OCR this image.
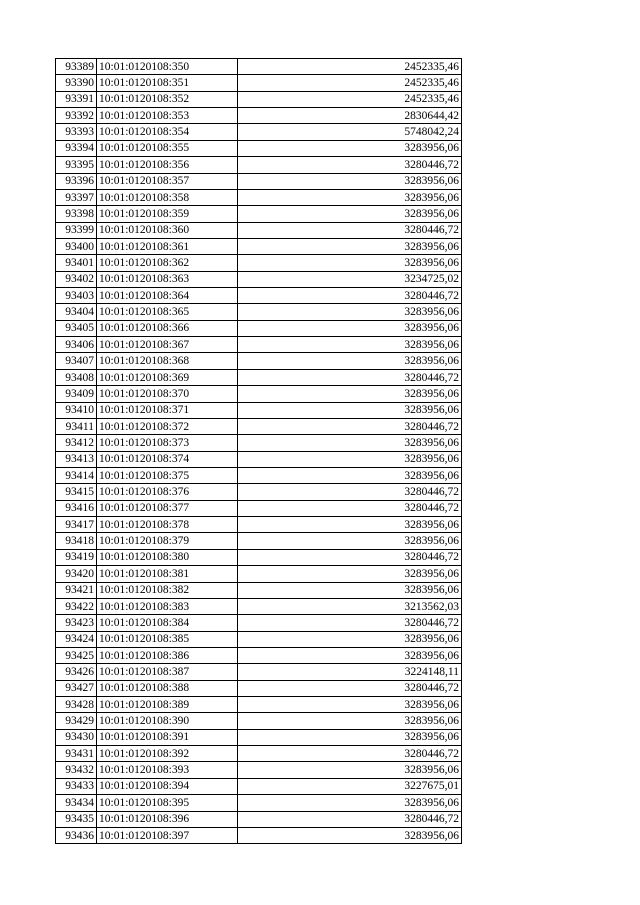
93389	10:01:0120108:350	2452335,46
93390	10:01:0120108:351	2452335,46
93391	10:01:0120108:352	2452335,46
93392	10:01:0120108:353	2830644,42
93393	10:01:0120108:354	5748042,24
93394	10:01:0120108:355	3283956,06
93395	10:01:0120108:356	3280446,72
93396	10:01:0120108:357	3283956,06
93397	10:01:0120108:358	3283956,06
93398	10:01:0120108:359	3283956,06
93399	10:01:0120108:360	3280446,72
93400	10:01:0120108:361	3283956,06
93401	10:01:0120108:362	3283956,06
93402	10:01:0120108:363	3234725,02
93403	10:01:0120108:364	3280446,72
93404	10:01:0120108:365	3283956,06
93405	10:01:0120108:366	3283956,06
93406	10:01:0120108:367	3283956,06
93407	10:01:0120108:368	3283956,06
93408	10:01:0120108:369	3280446,72
93409	10:01:0120108:370	3283956,06
93410	10:01:0120108:371	3283956,06
93411	10:01:0120108:372	3280446,72
93412	10:01:0120108:373	3283956,06
93413	10:01:0120108:374	3283956,06
93414	10:01:0120108:375	3283956,06
93415	10:01:0120108:376	3280446,72
93416	10:01:0120108:377	3280446,72
93417	10:01:0120108:378	3283956,06
93418	10:01:0120108:379	3283956,06
93419	10:01:0120108:380	3280446,72
93420	10:01:0120108:381	3283956,06
93421	10:01:0120108:382	3283956,06
93422	10:01:0120108:383	3213562,03
93423	10:01:0120108:384	3280446,72
93424	10:01:0120108:385	3283956,06
93425	10:01:0120108:386	3283956,06
93426	10:01:0120108:387	3224148,11
93427	10:01:0120108:388	3280446,72
93428	10:01:0120108:389	3283956,06
93429	10:01:0120108:390	3283956,06
93430	10:01:0120108:391	3283956,06
93431	10:01:0120108:392	3280446,72
93432	10:01:0120108:393	3283956,06
93433	10:01:0120108:394	3227675,01
93434	10:01:0120108:395	3283956,06
93435	10:01:0120108:396	3280446,72
93436	10:01:0120108:397	3283956,06
